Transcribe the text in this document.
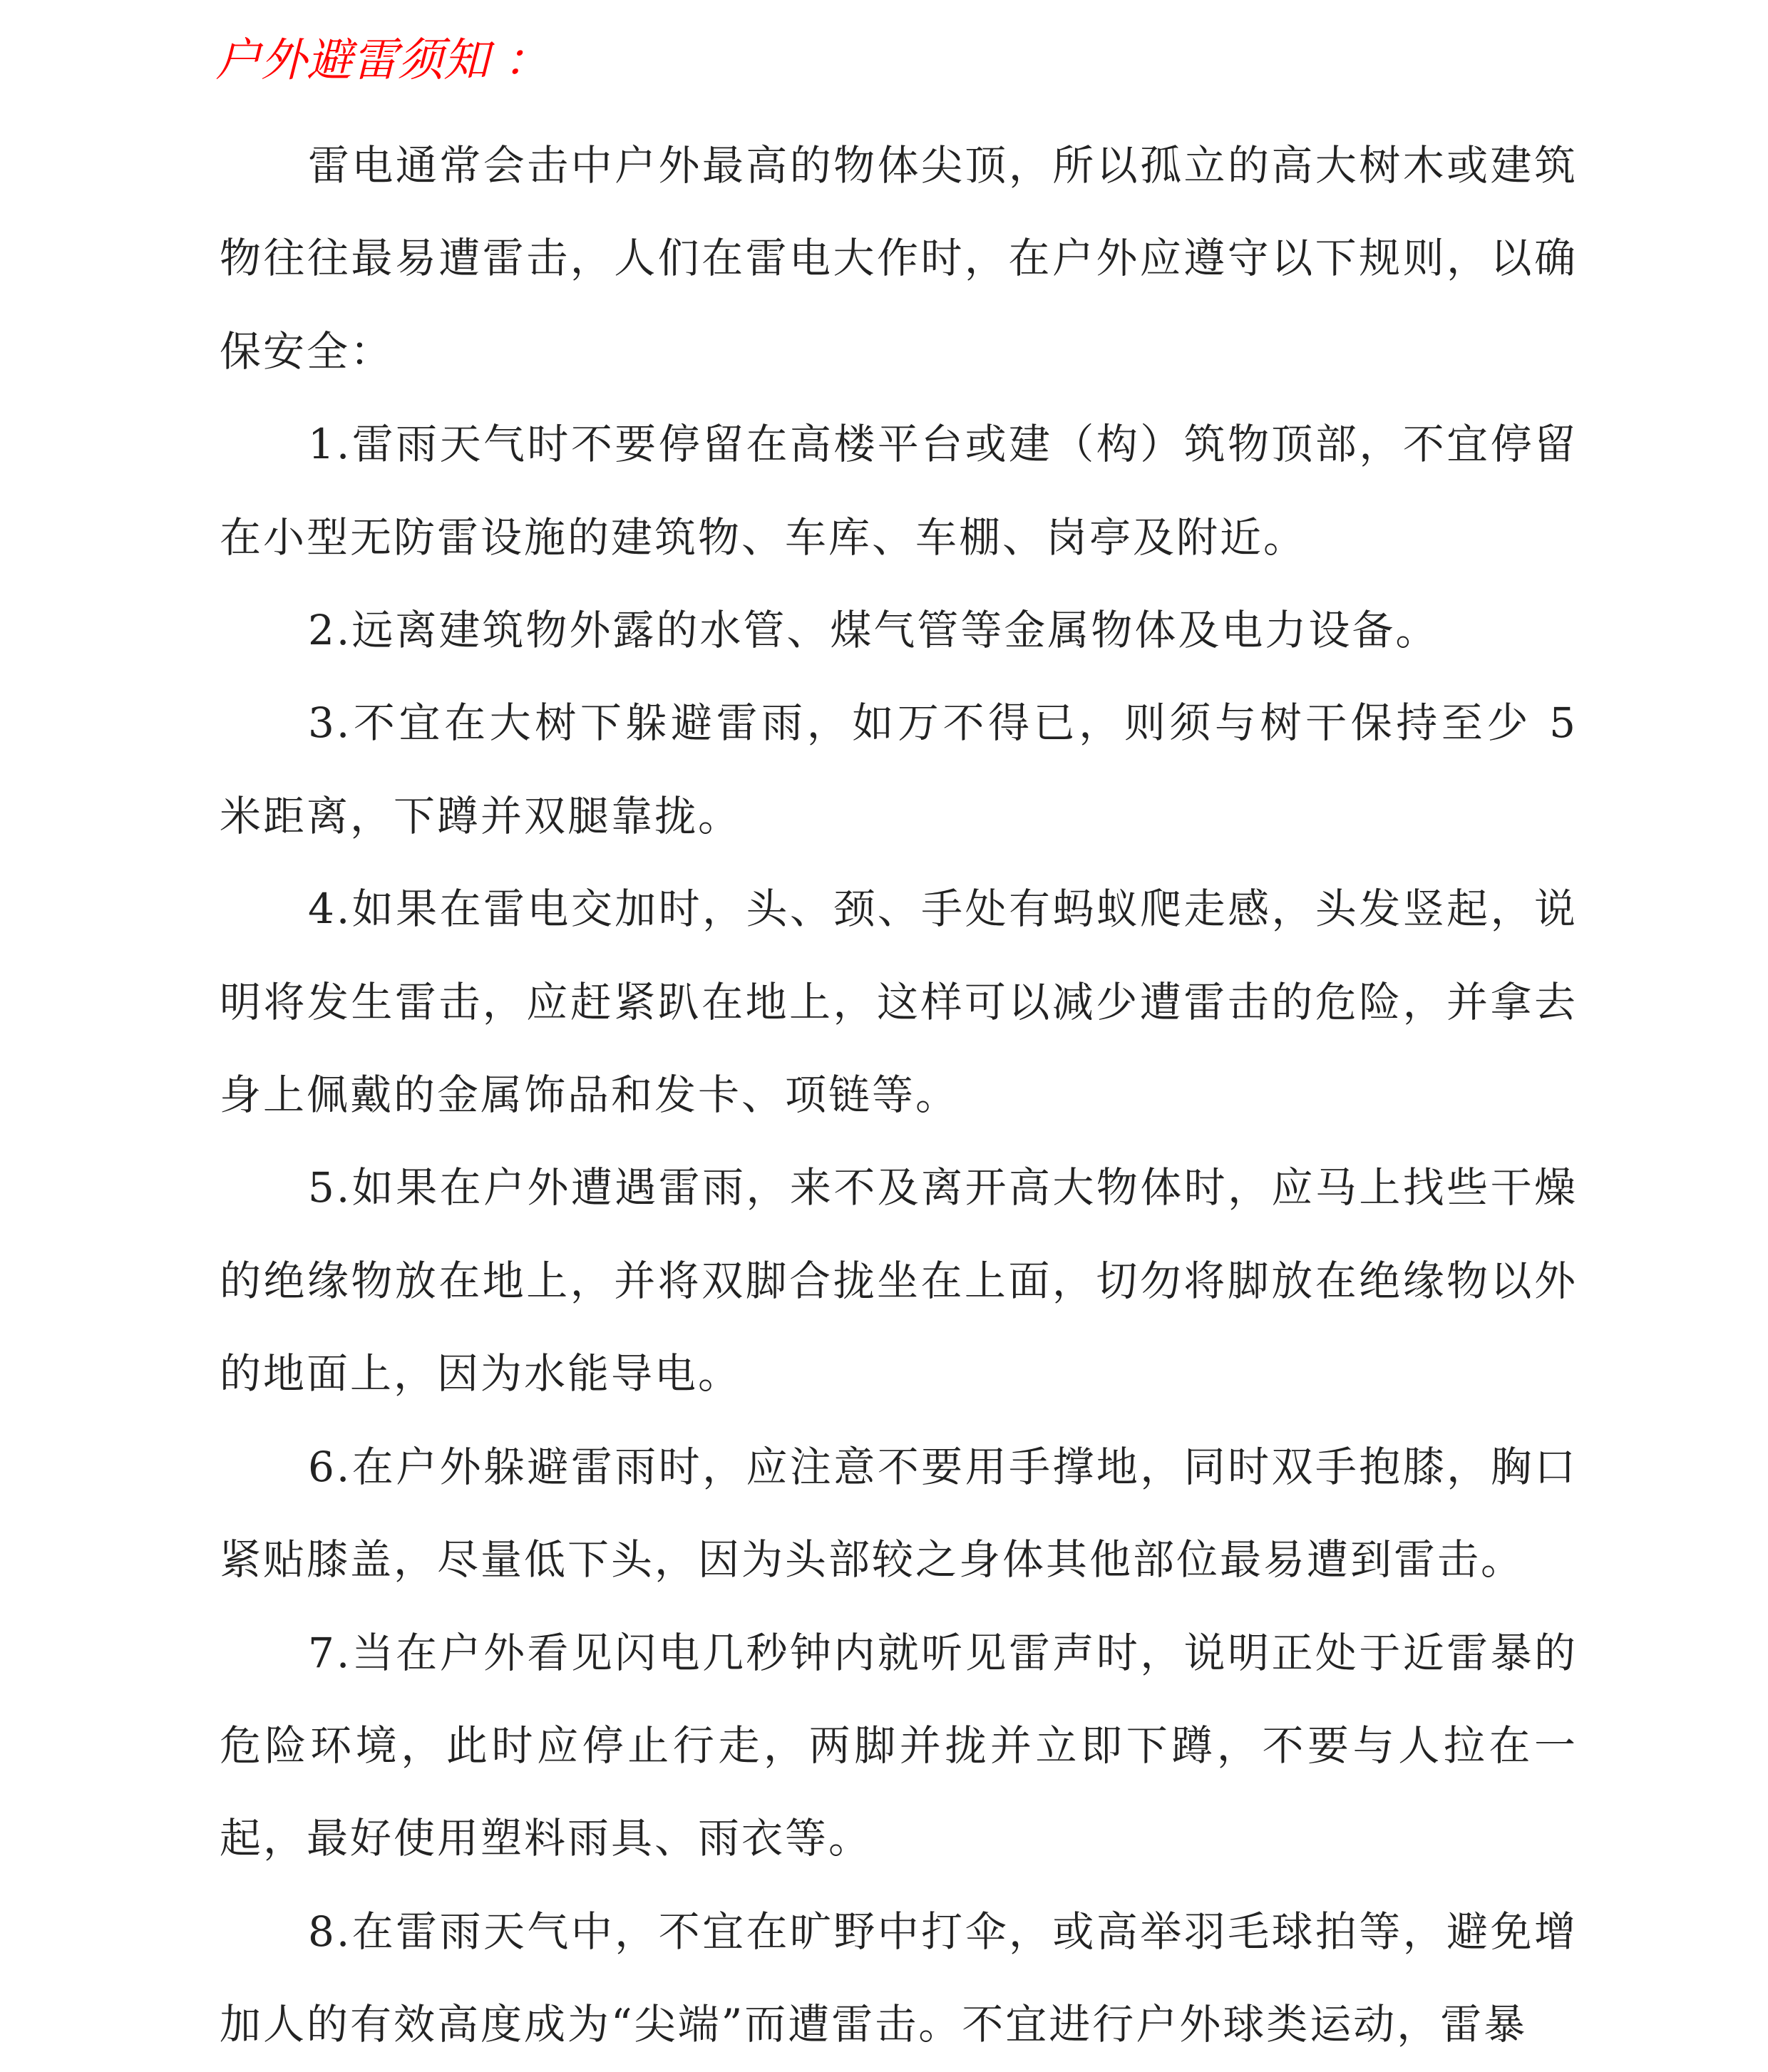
户外避雷须知 ：

雷电通常会击中户外最高的物体尖顶，所以孤立的高大树木或建筑物往往最易遭雷击，人们在雷电大作时，在户外应遵守以下规则，以确保安全：

1.雷雨天气时不要停留在高楼平台或建（构）筑物顶部，不宜停留在小型无防雷设施的建筑物、车库、车棚、岗亭及附近。

2.远离建筑物外露的水管、煤气管等金属物体及电力设备。

3.不宜在大树下躲避雷雨，如万不得已，则须与树干保持至少 5 米距离，下蹲并双腿靠拢。

4.如果在雷电交加时，头、颈、手处有蚂蚁爬走感，头发竖起，说明将发生雷击，应赶紧趴在地上，这样可以减少遭雷击的危险，并拿去身上佩戴的金属饰品和发卡、项链等。

5.如果在户外遭遇雷雨，来不及离开高大物体时，应马上找些干燥的绝缘物放在地上，并将双脚合拢坐在上面，切勿将脚放在绝缘物以外的地面上，因为水能导电。

6.在户外躲避雷雨时，应注意不要用手撑地，同时双手抱膝，胸口紧贴膝盖，尽量低下头，因为头部较之身体其他部位最易遭到雷击。

7.当在户外看见闪电几秒钟内就听见雷声时，说明正处于近雷暴的危险环境，此时应停止行走，两脚并拢并立即下蹲，不要与人拉在一起，最好使用塑料雨具、雨衣等。

8.在雷雨天气中，不宜在旷野中打伞，或高举羽毛球拍等，避免增加人的有效高度成为“尖端”而遭雷击。不宜进行户外球类运动，雷暴
